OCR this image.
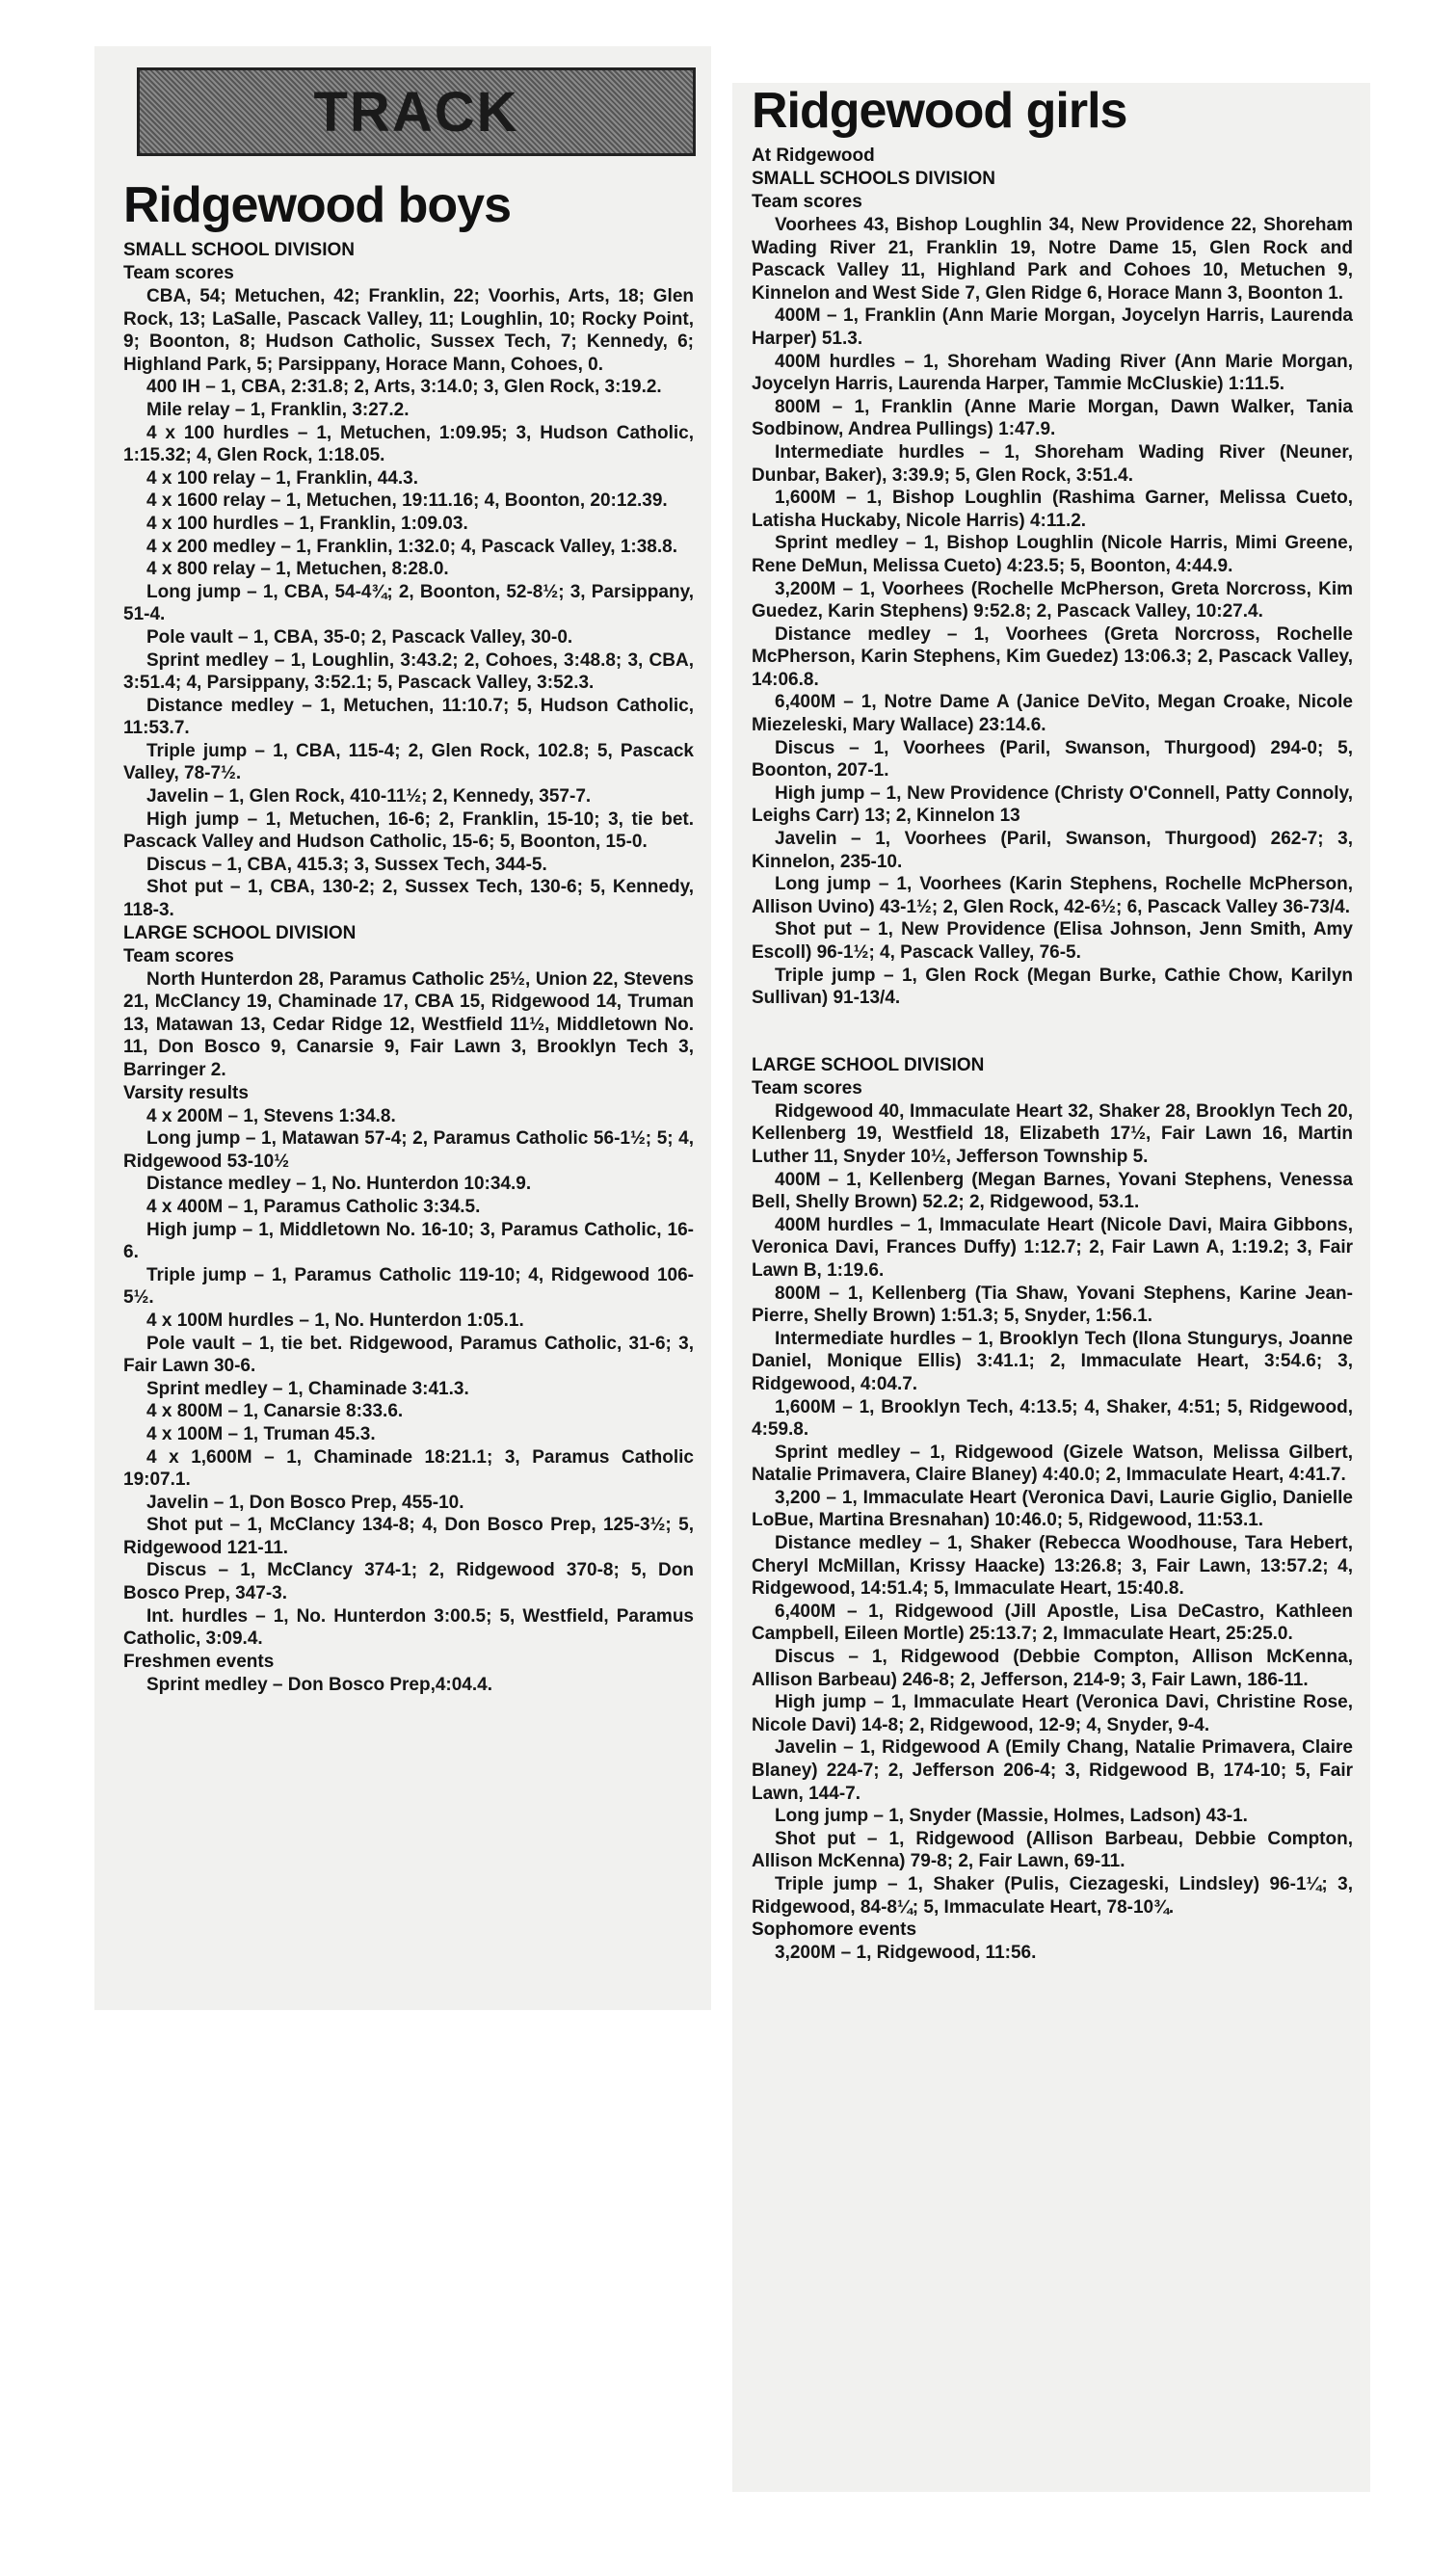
TRACK
Ridgewood boys
SMALL SCHOOL DIVISION
Team scores
CBA, 54; Metuchen, 42; Franklin, 22; Voorhis, Arts, 18; Glen Rock, 13; LaSalle, Pascack Valley, 11; Loughlin, 10; Rocky Point, 9; Boonton, 8; Hudson Catholic, Sussex Tech, 7; Kennedy, 6; Highland Park, 5; Parsippany, Horace Mann, Cohoes, 0.
400 IH – 1, CBA, 2:31.8; 2, Arts, 3:14.0; 3, Glen Rock, 3:19.2.
Mile relay – 1, Franklin, 3:27.2.
4 x 100 hurdles – 1, Metuchen, 1:09.95; 3, Hudson Catholic, 1:15.32; 4, Glen Rock, 1:18.05.
4 x 100 relay – 1, Franklin, 44.3.
4 x 1600 relay – 1, Metuchen, 19:11.16; 4, Boonton, 20:12.39.
4 x 100 hurdles – 1, Franklin, 1:09.03.
4 x 200 medley – 1, Franklin, 1:32.0; 4, Pascack Valley, 1:38.8.
4 x 800 relay – 1, Metuchen, 8:28.0.
Long jump – 1, CBA, 54-4¾; 2, Boonton, 52-8½; 3, Parsippany, 51-4.
Pole vault – 1, CBA, 35-0; 2, Pascack Valley, 30-0.
Sprint medley – 1, Loughlin, 3:43.2; 2, Cohoes, 3:48.8; 3, CBA, 3:51.4; 4, Parsippany, 3:52.1; 5, Pascack Valley, 3:52.3.
Distance medley – 1, Metuchen, 11:10.7; 5, Hudson Catholic, 11:53.7.
Triple jump – 1, CBA, 115-4; 2, Glen Rock, 102.8; 5, Pascack Valley, 78-7½.
Javelin – 1, Glen Rock, 410-11½; 2, Kennedy, 357-7.
High jump – 1, Metuchen, 16-6; 2, Franklin, 15-10; 3, tie bet. Pascack Valley and Hudson Catholic, 15-6; 5, Boonton, 15-0.
Discus – 1, CBA, 415.3; 3, Sussex Tech, 344-5.
Shot put – 1, CBA, 130-2; 2, Sussex Tech, 130-6; 5, Kennedy, 118-3.
LARGE SCHOOL DIVISION
Team scores
North Hunterdon 28, Paramus Catholic 25½, Union 22, Stevens 21, McClancy 19, Chaminade 17, CBA 15, Ridgewood 14, Truman 13, Matawan 13, Cedar Ridge 12, Westfield 11½, Middletown No. 11, Don Bosco 9, Canarsie 9, Fair Lawn 3, Brooklyn Tech 3, Barringer 2.
Varsity results
4 x 200M – 1, Stevens 1:34.8.
Long jump – 1, Matawan 57-4; 2, Paramus Catholic 56-1½; 5; 4, Ridgewood 53-10½
Distance medley – 1, No. Hunterdon 10:34.9.
4 x 400M – 1, Paramus Catholic 3:34.5.
High jump – 1, Middletown No. 16-10; 3, Paramus Catholic, 16-6.
Triple jump – 1, Paramus Catholic 119-10; 4, Ridgewood 106-5½.
4 x 100M hurdles – 1, No. Hunterdon 1:05.1.
Pole vault – 1, tie bet. Ridgewood, Paramus Catholic, 31-6; 3, Fair Lawn 30-6.
Sprint medley – 1, Chaminade 3:41.3.
4 x 800M – 1, Canarsie 8:33.6.
4 x 100M – 1, Truman 45.3.
4 x 1,600M – 1, Chaminade 18:21.1; 3, Paramus Catholic 19:07.1.
Javelin – 1, Don Bosco Prep, 455-10.
Shot put – 1, McClancy 134-8; 4, Don Bosco Prep, 125-3½; 5, Ridgewood 121-11.
Discus – 1, McClancy 374-1; 2, Ridgewood 370-8; 5, Don Bosco Prep, 347-3.
Int. hurdles – 1, No. Hunterdon 3:00.5; 5, Westfield, Paramus Catholic, 3:09.4.
Freshmen events
Sprint medley – Don Bosco Prep,4:04.4.
Ridgewood girls
At Ridgewood
SMALL SCHOOLS DIVISION
Team scores
Voorhees 43, Bishop Loughlin 34, New Providence 22, Shoreham Wading River 21, Franklin 19, Notre Dame 15, Glen Rock and Pascack Valley 11, Highland Park and Cohoes 10, Metuchen 9, Kinnelon and West Side 7, Glen Ridge 6, Horace Mann 3, Boonton 1.
400M – 1, Franklin (Ann Marie Morgan, Joycelyn Harris, Laurenda Harper) 51.3.
400M hurdles – 1, Shoreham Wading River (Ann Marie Morgan, Joycelyn Harris, Laurenda Harper, Tammie McCluskie) 1:11.5.
800M – 1, Franklin (Anne Marie Morgan, Dawn Walker, Tania Sodbinow, Andrea Pullings) 1:47.9.
Intermediate hurdles – 1, Shoreham Wading River (Neuner, Dunbar, Baker), 3:39.9; 5, Glen Rock, 3:51.4.
1,600M – 1, Bishop Loughlin (Rashima Garner, Melissa Cueto, Latisha Huckaby, Nicole Harris) 4:11.2.
Sprint medley – 1, Bishop Loughlin (Nicole Harris, Mimi Greene, Rene DeMun, Melissa Cueto) 4:23.5; 5, Boonton, 4:44.9.
3,200M – 1, Voorhees (Rochelle McPherson, Greta Norcross, Kim Guedez, Karin Stephens) 9:52.8; 2, Pascack Valley, 10:27.4.
Distance medley – 1, Voorhees (Greta Norcross, Rochelle McPherson, Karin Stephens, Kim Guedez) 13:06.3; 2, Pascack Valley, 14:06.8.
6,400M – 1, Notre Dame A (Janice DeVito, Megan Croake, Nicole Miezeleski, Mary Wallace) 23:14.6.
Discus – 1, Voorhees (Paril, Swanson, Thurgood) 294-0; 5, Boonton, 207-1.
High jump – 1, New Providence (Christy O'Connell, Patty Connoly, Leighs Carr) 13; 2, Kinnelon 13
Javelin – 1, Voorhees (Paril, Swanson, Thurgood) 262-7; 3, Kinnelon, 235-10.
Long jump – 1, Voorhees (Karin Stephens, Rochelle McPherson, Allison Uvino) 43-1½; 2, Glen Rock, 42-6½; 6, Pascack Valley 36-73/4.
Shot put – 1, New Providence (Elisa Johnson, Jenn Smith, Amy Escoll) 96-1½; 4, Pascack Valley, 76-5.
Triple jump – 1, Glen Rock (Megan Burke, Cathie Chow, Karilyn Sullivan) 91-13/4.
LARGE SCHOOL DIVISION
Team scores
Ridgewood 40, Immaculate Heart 32, Shaker 28, Brooklyn Tech 20, Kellenberg 19, Westfield 18, Elizabeth 17½, Fair Lawn 16, Martin Luther 11, Snyder 10½, Jefferson Township 5.
400M – 1, Kellenberg (Megan Barnes, Yovani Stephens, Venessa Bell, Shelly Brown) 52.2; 2, Ridgewood, 53.1.
400M hurdles – 1, Immaculate Heart (Nicole Davi, Maira Gibbons, Veronica Davi, Frances Duffy) 1:12.7; 2, Fair Lawn A, 1:19.2; 3, Fair Lawn B, 1:19.6.
800M – 1, Kellenberg (Tia Shaw, Yovani Stephens, Karine Jean-Pierre, Shelly Brown) 1:51.3; 5, Snyder, 1:56.1.
Intermediate hurdles – 1, Brooklyn Tech (Ilona Stungurys, Joanne Daniel, Monique Ellis) 3:41.1; 2, Immaculate Heart, 3:54.6; 3, Ridgewood, 4:04.7.
1,600M – 1, Brooklyn Tech, 4:13.5; 4, Shaker, 4:51; 5, Ridgewood, 4:59.8.
Sprint medley – 1, Ridgewood (Gizele Watson, Melissa Gilbert, Natalie Primavera, Claire Blaney) 4:40.0; 2, Immaculate Heart, 4:41.7.
3,200 – 1, Immaculate Heart (Veronica Davi, Laurie Giglio, Danielle LoBue, Martina Bresnahan) 10:46.0; 5, Ridgewood, 11:53.1.
Distance medley – 1, Shaker (Rebecca Woodhouse, Tara Hebert, Cheryl McMillan, Krissy Haacke) 13:26.8; 3, Fair Lawn, 13:57.2; 4, Ridgewood, 14:51.4; 5, Immaculate Heart, 15:40.8.
6,400M – 1, Ridgewood (Jill Apostle, Lisa DeCastro, Kathleen Campbell, Eileen Mortle) 25:13.7; 2, Immaculate Heart, 25:25.0.
Discus – 1, Ridgewood (Debbie Compton, Allison McKenna, Allison Barbeau) 246-8; 2, Jefferson, 214-9; 3, Fair Lawn, 186-11.
High jump – 1, Immaculate Heart (Veronica Davi, Christine Rose, Nicole Davi) 14-8; 2, Ridgewood, 12-9; 4, Snyder, 9-4.
Javelin – 1, Ridgewood A (Emily Chang, Natalie Primavera, Claire Blaney) 224-7; 2, Jefferson 206-4; 3, Ridgewood B, 174-10; 5, Fair Lawn, 144-7.
Long jump – 1, Snyder (Massie, Holmes, Ladson) 43-1.
Shot put – 1, Ridgewood (Allison Barbeau, Debbie Compton, Allison McKenna) 79-8; 2, Fair Lawn, 69-11.
Triple jump – 1, Shaker (Pulis, Ciezageski, Lindsley) 96-1¼; 3, Ridgewood, 84-8¼; 5, Immaculate Heart, 78-10¾.
Sophomore events
3,200M – 1, Ridgewood, 11:56.
